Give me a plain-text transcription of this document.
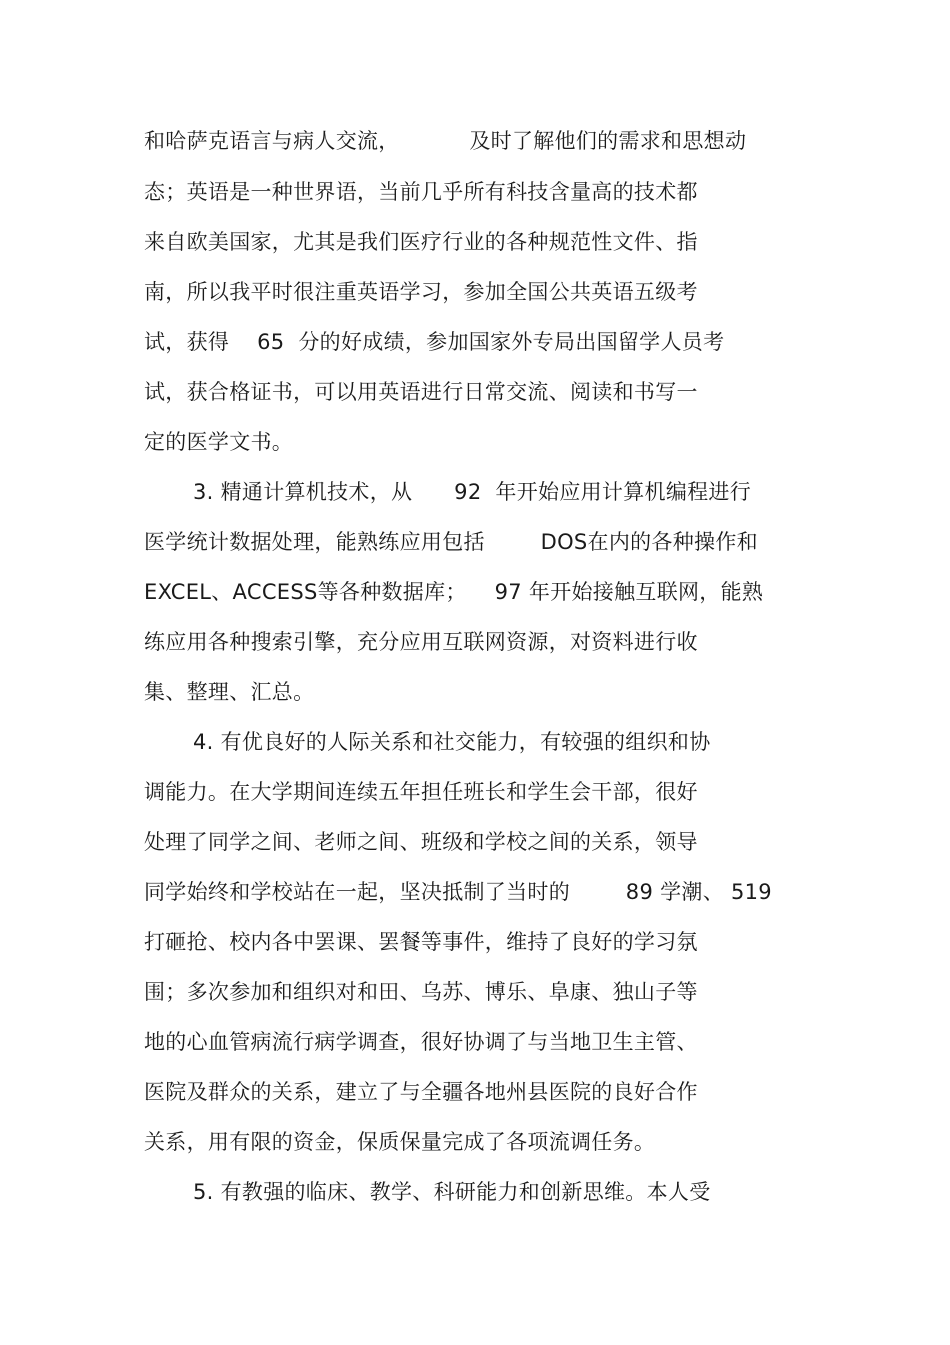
和哈萨克语言与病人交流，          及时了解他们的需求和思想动
态；英语是一种世界语，当前几乎所有科技含量高的技术都
来自欧美国家，尤其是我们医疗行业的各种规范性文件、指
南，所以我平时很注重英语学习，参加全国公共英语五级考
试，获得    65  分的好成绩，参加国家外专局出国留学人员考
试，获合格证书，可以用英语进行日常交流、阅读和书写一
定的医学文书。
3. 精通计算机技术，从      92  年开始应用计算机编程进行
医学统计数据处理，能熟练应用包括        DOS在内的各种操作和
EXCEL、ACCESS等各种数据库；    97 年开始接触互联网，能熟
练应用各种搜索引擎，充分应用互联网资源，对资料进行收
集、整理、汇总。
4. 有优良好的人际关系和社交能力，有较强的组织和协
调能力。在大学期间连续五年担任班长和学生会干部，很好
处理了同学之间、老师之间、班级和学校之间的关系，领导
同学始终和学校站在一起，坚决抵制了当时的        89 学潮、 519
打砸抢、校内各中罢课、罢餐等事件，维持了良好的学习氛
围；多次参加和组织对和田、乌苏、博乐、阜康、独山子等
地的心血管病流行病学调查，很好协调了与当地卫生主管、
医院及群众的关系，建立了与全疆各地州县医院的良好合作
关系，用有限的资金，保质保量完成了各项流调任务。
5. 有教强的临床、教学、科研能力和创新思维。本人受
